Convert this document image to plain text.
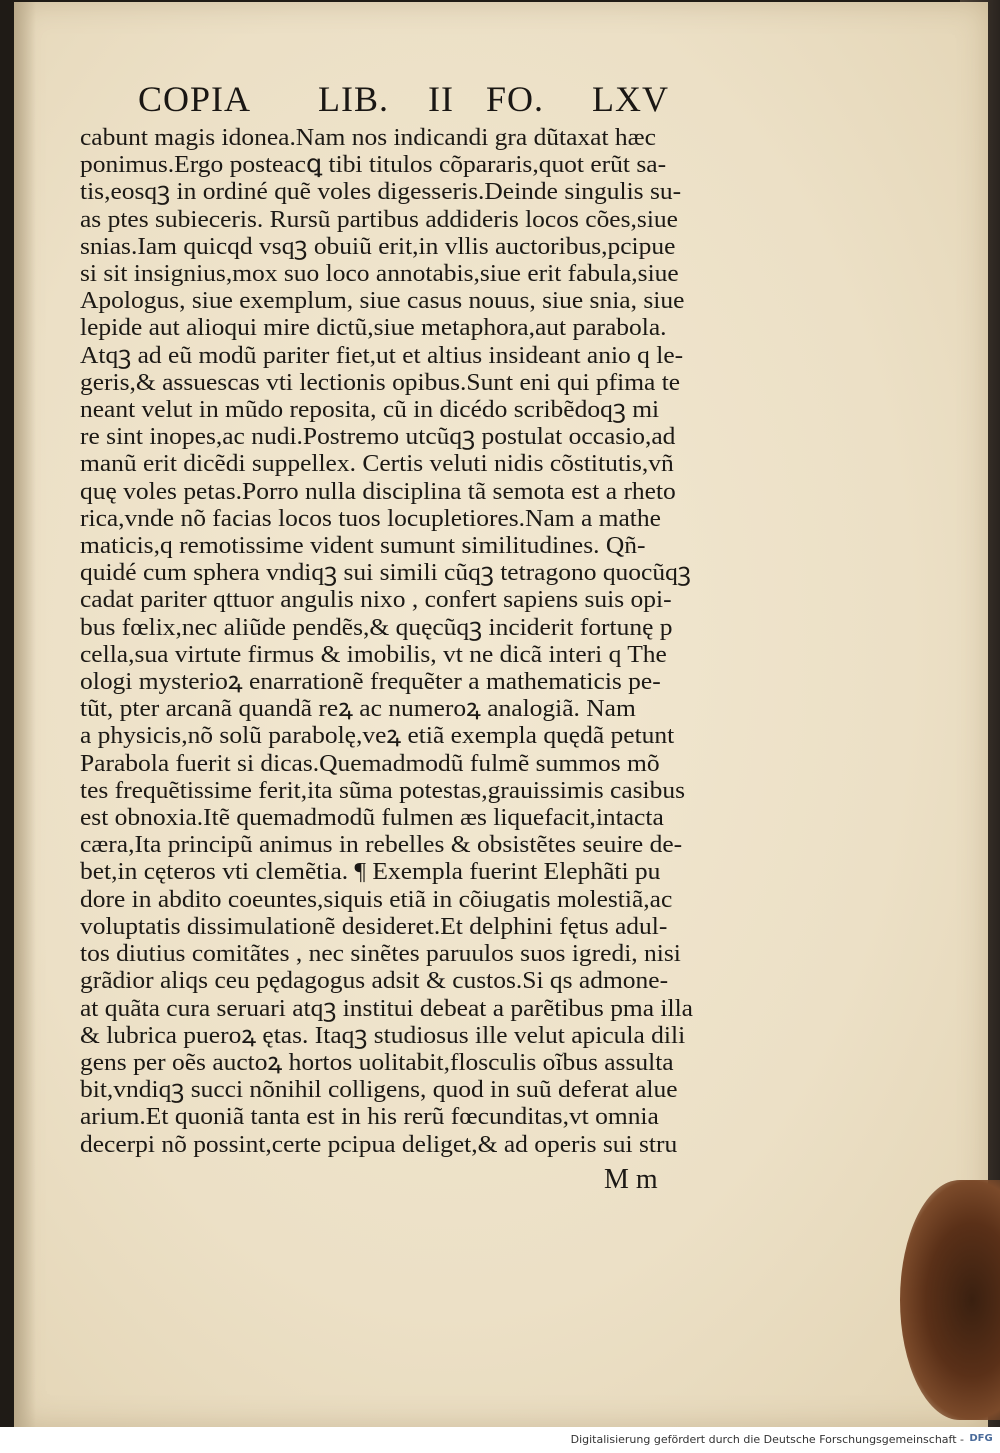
COPIA LIB. II FO. LXV
cabunt magis idonea.Nam nos indicandi gra dũtaxat hæc
ponimus.Ergo posteacꝗ tibi titulos cõpararis,quot erũt sa-
tis,eosqꝫ in ordiné quẽ voles digesseris.Deinde singulis su-
as ptes subieceris. Rursũ partibus addideris locos cões,siue
snias.Iam quicqd vsqꝫ obuiũ erit,in vllis auctoribus,pcipue
si sit insignius,mox suo loco annotabis,siue erit fabula,siue
Apologus, siue exemplum, siue casus nouus, siue snia, siue
lepide aut alioqui mire dictũ,siue metaphora,aut parabola.
Atqꝫ ad eũ modũ pariter fiet,ut et altius insideant anio q le-
geris,& assuescas vti lectionis opibus.Sunt eni qui pfima te
neant velut in mũdo reposita, cũ in dicédo scribẽdoqꝫ mi
re sint inopes,ac nudi.Postremo utcũqꝫ postulat occasio,ad
manũ erit dicẽdi suppellex. Certis veluti nidis cõstitutis,vñ
quę voles petas.Porro nulla disciplina tã semota est a rheto
rica,vnde nõ facias locos tuos locupletiores.Nam a mathe
maticis,q remotissime vident sumunt similitudines. Qñ-
quidé cum sphera vndiqꝫ sui simili cũqꝫ tetragono quocũqꝫ
cadat pariter qttuor angulis nixo , confert sapiens suis opi-
bus fœlix,nec aliũde pendẽs,& quęcũqꝫ inciderit fortunę p
cella,sua virtute firmus & imobilis, vt ne dicã interi q The
ologi mysterioꝝ enarrationẽ frequẽter a mathematicis pe-
tũt, pter arcanã quandã reꝝ ac numeroꝝ analogiã. Nam
a physicis,nõ solũ parabolę,veꝝ etiã exempla quędã petunt
Parabola fuerit si dicas.Quemadmodũ fulmẽ summos mõ
tes frequẽtissime ferit,ita sũma potestas,grauissimis casibus
est obnoxia.Itẽ quemadmodũ fulmen æs liquefacit,intacta
cæra,Ita principũ animus in rebelles & obsistẽtes seuire de-
bet,in cęteros vti clemẽtia. ¶ Exempla fuerint Elephãti pu
dore in abdito coeuntes,siquis etiã in cõiugatis molestiã,ac
voluptatis dissimulationẽ desideret.Et delphini fętus adul-
tos diutius comitãtes , nec sinẽtes paruulos suos igredi, nisi
grãdior aliqs ceu pędagogus adsit & custos.Si qs admone-
at quãta cura seruari atqꝫ institui debeat a parẽtibus pma illa
& lubrica pueroꝝ ętas. Itaqꝫ studiosus ille velut apicula dili
gens per oẽs auctoꝝ hortos uolitabit,flosculis oĩbus assulta
bit,vndiqꝫ succi nõnihil colligens, quod in suũ deferat alue
arium.Et quoniã tanta est in his rerũ fœcunditas,vt omnia
decerpi nõ possint,certe pcipua deliget,& ad operis sui stru
M m
Digitalisierung gefördert durch die Deutsche Forschungsgemeinschaft - DFG
